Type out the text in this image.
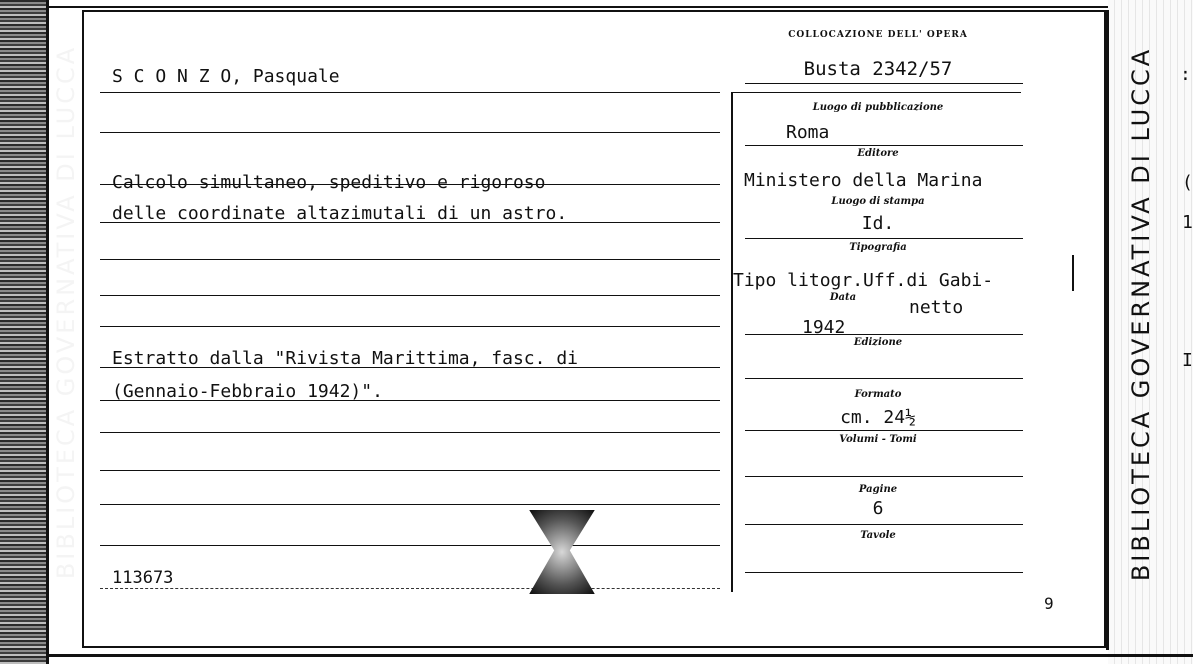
BIBLIOTECA GOVERNATIVA DI LUCCA	BIBLIOTECA GOVERNATIVA DI LUCCA :
(
1
I
S C O N Z O, Pasquale
Calcolo simultaneo, speditivo e rigoroso
delle coordinate altazimutali di un astro.
Estratto dalla "Rivista Marittima, fasc. di
(Gennaio-Febbraio 1942)".
113673
COLLOCAZIONE DELL' OPERA
Busta 2342/57
Luogo di pubblicazione
Roma
Editore
Ministero della Marina
Luogo di stampa
Id.
Tipografia
Tipo litogr.Uff.di Gabi-
Data	netto
1942
Edizione
Formato
cm. 24½
Volumi - Tomi
Pagine
6
Tavole
9
